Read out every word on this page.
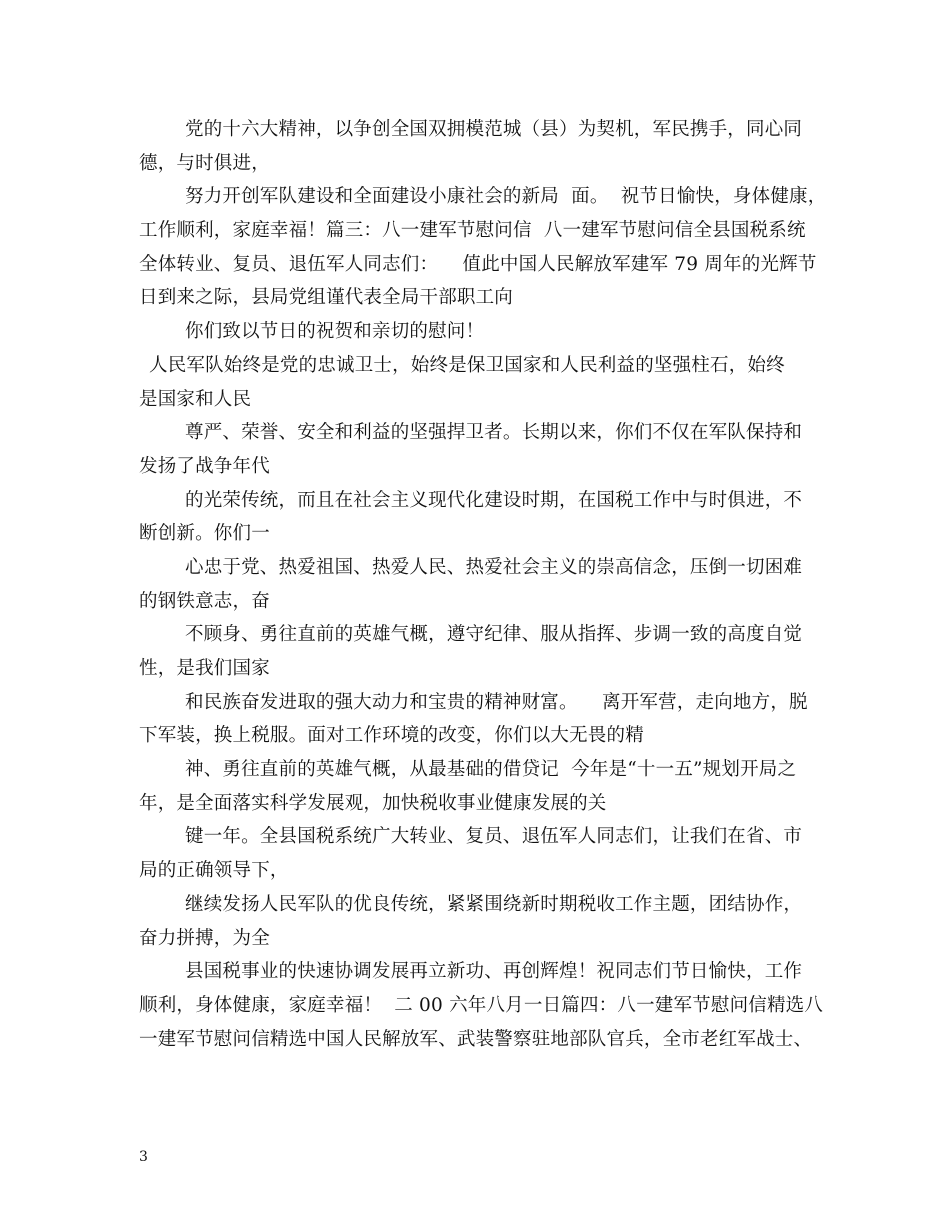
党的十六大精神，以争创全国双拥模范城（县）为契机，军民携手，同心同
德，与时俱进，
努力开创军队建设和全面建设小康社会的新局  面。  祝节日愉快，身体健康，
工作顺利，家庭幸福！篇三：八一建军节慰问信  八一建军节慰问信全县国税系统
全体转业、复员、退伍军人同志们：    值此中国人民解放军建军 79 周年的光辉节
日到来之际，县局党组谨代表全局干部职工向
你们致以节日的祝贺和亲切的慰问！
人民军队始终是党的忠诚卫士，始终是保卫国家和人民利益的坚强柱石，始终
是国家和人民
尊严、荣誉、安全和利益的坚强捍卫者。长期以来，你们不仅在军队保持和
发扬了战争年代
的光荣传统，而且在社会主义现代化建设时期，在国税工作中与时俱进，不
断创新。你们一
心忠于党、热爱祖国、热爱人民、热爱社会主义的崇高信念，压倒一切困难
的钢铁意志，奋
不顾身、勇往直前的英雄气概，遵守纪律、服从指挥、步调一致的高度自觉
性，是我们国家
和民族奋发进取的强大动力和宝贵的精神财富。    离开军营，走向地方，脱
下军装，换上税服。面对工作环境的改变，你们以大无畏的精
神、勇往直前的英雄气概，从最基础的借贷记  今年是“十一五”规划开局之
年，是全面落实科学发展观，加快税收事业健康发展的关
键一年。全县国税系统广大转业、复员、退伍军人同志们，让我们在省、市
局的正确领导下，
继续发扬人民军队的优良传统，紧紧围绕新时期税收工作主题，团结协作，
奋力拼搏，为全
县国税事业的快速协调发展再立新功、再创辉煌！祝同志们节日愉快，工作
顺利，身体健康，家庭幸福！  二 00 六年八月一日篇四：八一建军节慰问信精选八
一建军节慰问信精选中国人民解放军、武装警察驻地部队官兵，全市老红军战士、
3
